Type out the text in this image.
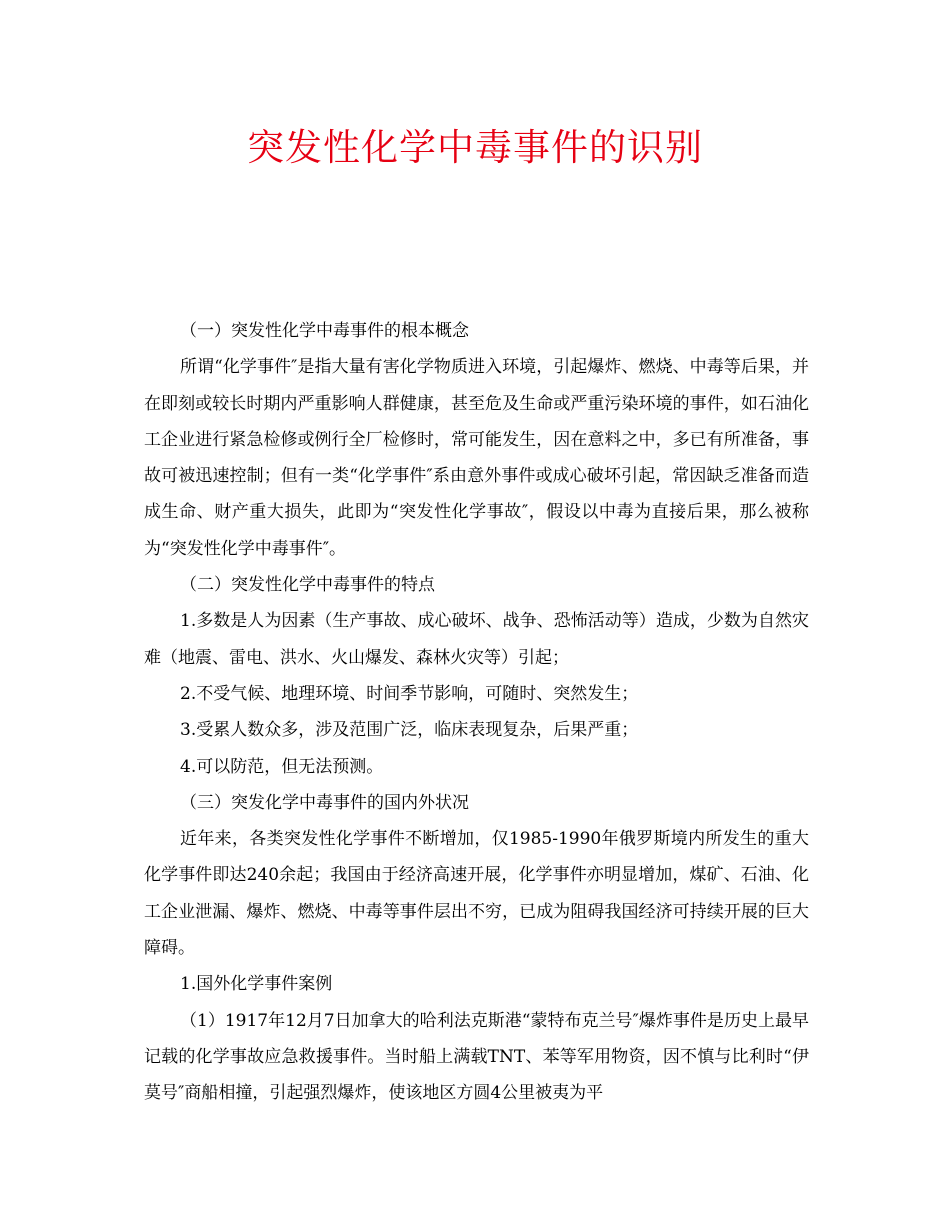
突发性化学中毒事件的识别

（一）突发性化学中毒事件的根本概念

所谓“化学事件″是指大量有害化学物质进入环境，引起爆炸、燃烧、中毒等后果，并在即刻或较长时期内严重影响人群健康，甚至危及生命或严重污染环境的事件，如石油化工企业进行紧急检修或例行全厂检修时，常可能发生，因在意料之中，多已有所准备，事故可被迅速控制；但有一类“化学事件″系由意外事件或成心破坏引起，常因缺乏准备而造成生命、财产重大损失，此即为“突发性化学事故″，假设以中毒为直接后果，那么被称为“突发性化学中毒事件″。

（二）突发性化学中毒事件的特点

1.多数是人为因素（生产事故、成心破坏、战争、恐怖活动等）造成，少数为自然灾难（地震、雷电、洪水、火山爆发、森林火灾等）引起；

2.不受气候、地理环境、时间季节影响，可随时、突然发生；

3.受累人数众多，涉及范围广泛，临床表现复杂，后果严重；

4.可以防范，但无法预测。

（三）突发化学中毒事件的国内外状况

近年来，各类突发性化学事件不断增加，仅1985-1990年俄罗斯境内所发生的重大化学事件即达240余起；我国由于经济高速开展，化学事件亦明显增加，煤矿、石油、化工企业泄漏、爆炸、燃烧、中毒等事件层出不穷，已成为阻碍我国经济可持续开展的巨大障碍。

1.国外化学事件案例

（1）1917年12月7日加拿大的哈利法克斯港“蒙特布克兰号″爆炸事件是历史上最早记载的化学事故应急救援事件。当时船上满载TNT、苯等军用物资，因不慎与比利时“伊莫号″商船相撞，引起强烈爆炸，使该地区方圆4公里被夷为平
